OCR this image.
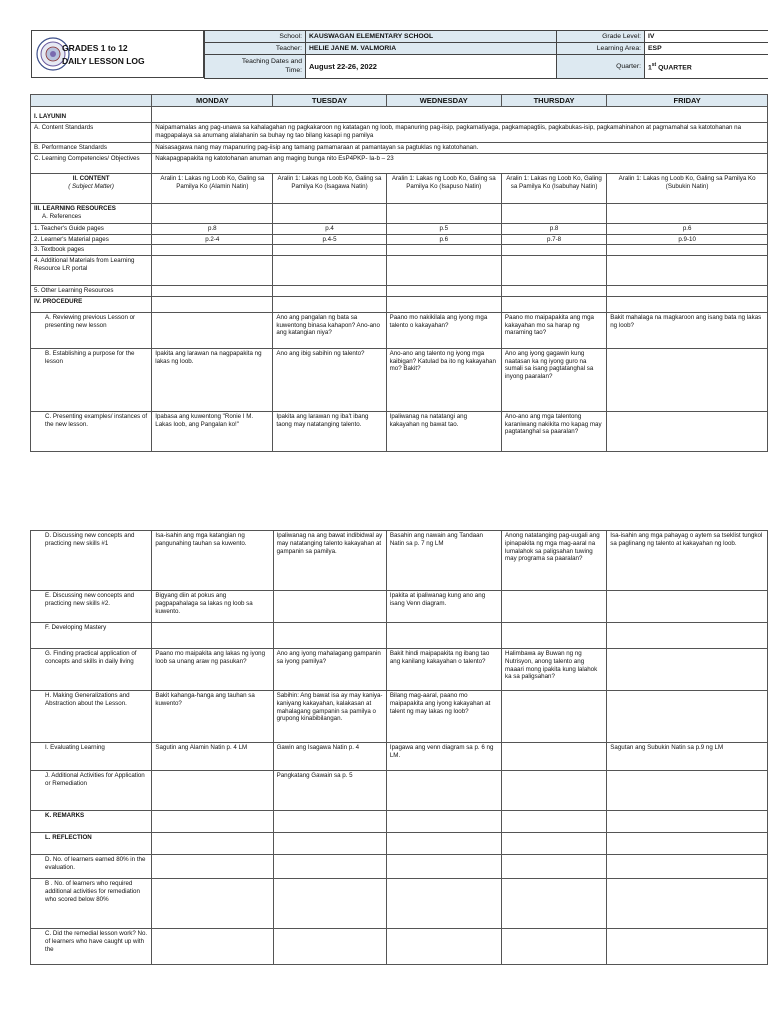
GRADES 1 to 12
DAILY LESSON LOG
School:	KAUSWAGAN ELEMENTARY SCHOOL	Grade Level:	IV
Teacher:	HELIE JANE M. VALMORIA	Learning Area:	ESP

Teaching Dates and
Time:	August 22-26, 2022	Quarter:	1st QUARTER
	MONDAY	TUESDAY	WEDNESDAY	THURSDAY	FRIDAY
I. LAYUNIN					
A. Content Standards	Naipamamalas ang pag-unawa sa kahalagahan ng pagkakaroon ng katatagan ng loob, mapanuring pag-iisip, pagkamatiyaga, pagkamapagtiis, pagkabukas-isip, pagkamahinahon at pagmamahal sa katotohanan na magpapalaya sa anumang alalahanin sa buhay ng tao bilang kasapi ng pamilya				
B. Performance Standards	Naisasagawa nang may mapanuring pag-iisip ang tamang pamamaraan at pamantayan sa pagtuklas ng katotohanan.				
C. Learning Competencies/ Objectives	Nakapagpapakita ng katotohanan anuman ang maging bunga nito EsP4PKP- Ia-b – 23				

II. CONTENT
( Subject Matter)	Aralin 1: Lakas ng Loob Ko, Galing sa Pamilya Ko (Alamin Natin)	Aralin 1: Lakas ng Loob Ko, Galing sa Pamilya Ko (Isagawa Natin)	Aralin 1: Lakas ng Loob Ko, Galing sa Pamilya Ko (Isapuso Natin)	Aralin 1: Lakas ng Loob Ko, Galing sa Pamilya Ko (Isabuhay Natin)	Aralin 1: Lakas ng Loob Ko, Galing sa Pamilya Ko (Subukin Natin)

III. LEARNING RESOURCES
A. References					

1. Teacher's Guide pages	p.8	p.4	p.5	p.8	p.6
2. Learner's Material pages	p.2-4	p.4-5	p.6	p.7-8	p.9-10
3. Textbook pages					
4. Additional Materials from Learning Resource LR portal					
5. Other Learning Resources					
IV. PROCEDURE					
A. Reviewing previous Lesson or presenting new lesson		Ano ang pangalan ng bata sa kuwentong binasa kahapon? Ano-ano ang katangian niya?	Paano mo nakikilala ang iyong mga talento o kakayahan?	Paano mo maipapakita ang mga kakayahan mo sa harap ng maraming tao?	Bakit mahalaga na magkaroon ang isang bata ng lakas ng loob?
B. Establishing a purpose for the lesson	Ipakita ang larawan na nagpapakita ng lakas ng loob.	Ano ang ibig sabihin ng talento?	Ano-ano ang talento ng iyong mga kaibigan? Katulad ba ito ng kakayahan mo? Bakit?	Ano ang iyong gagawin kung naatasan ka ng iyong guro na sumali sa isang pagtatanghal sa inyong paaralan?	
C. Presenting examples/ instances of the new lesson.	Ipabasa ang kuwentong "Ronie I M. Lakas loob, ang Pangalan ko!"	Ipakita ang larawan ng iba't ibang taong may natatanging talento.	Ipaliwanag na natatangi ang kakayahan ng bawat tao.	Ano-ano ang mga talentong karaniwang nakikita mo kapag may pagtatanghal sa paaralan?	
D. Discussing new concepts and practicing new skills #1	Isa-isahin ang mga katangian ng pangunahing tauhan sa kuwento.	Ipaliwanag na ang bawat indibidwal ay may natatanging talento kakayahan at gampanin sa pamilya.	Basahin ang nawain ang Tandaan Natin sa p. 7 ng LM	Anong natatanging pag-uugali ang ipinapakita ng mga mag-aaral na lumalahok sa paligsahan tuwing may programa sa paaralan?	Isa-isahin ang mga pahayag o aytem sa tseklist tungkol sa paglinang ng talento at kakayahan ng loob.
E. Discussing new concepts and practicing new skills #2.	Bigyang diin at pokus ang pagpapahalaga sa lakas ng loob sa kuwento.		Ipakita at ipaliwanag kung ano ang isang Venn diagram.		
F. Developing Mastery					
G. Finding practical application of concepts and skills in daily living	Paano mo maipakita ang lakas ng iyong loob sa unang araw ng pasukan?	Ano ang iyong mahalagang gampanin sa iyong pamilya?	Bakit hindi maipapakita ng ibang tao ang kanilang kakayahan o talento?	Halimbawa ay Buwan ng ng Nutrisyon, anong talento ang maaari mong ipakita kung lalahok ka sa paligsahan?	
H. Making Generalizations and Abstraction about the Lesson.	Bakit kahanga-hanga ang tauhan sa kuwento?	Sabihin: Ang bawat isa ay may kaniya-kaniyang kakayahan, kalakasan at mahalagang gampanin sa pamilya o grupong kinabibilangan.	Bilang mag-aaral, paano mo maipapakita ang iyong kakayahan at talent ng may lakas ng loob?		
I. Evaluating Learning	Sagutin ang Alamin Natin p. 4 LM	Gawin ang Isagawa Natin p. 4	Ipagawa ang venn diagram sa p. 6 ng LM.		Sagutan ang Subukin Natin sa p.9 ng LM
J. Additional Activities for Application or Remediation		Pangkatang Gawain sa p. 5			
K. REMARKS					
L. REFLECTION					
D. No. of learners earned 80% in the evaluation.					
B . No. of learners who required additional activities for remediation who scored below 80%					
C. Did the remedial lesson work? No. of learners who have caught up with the					
